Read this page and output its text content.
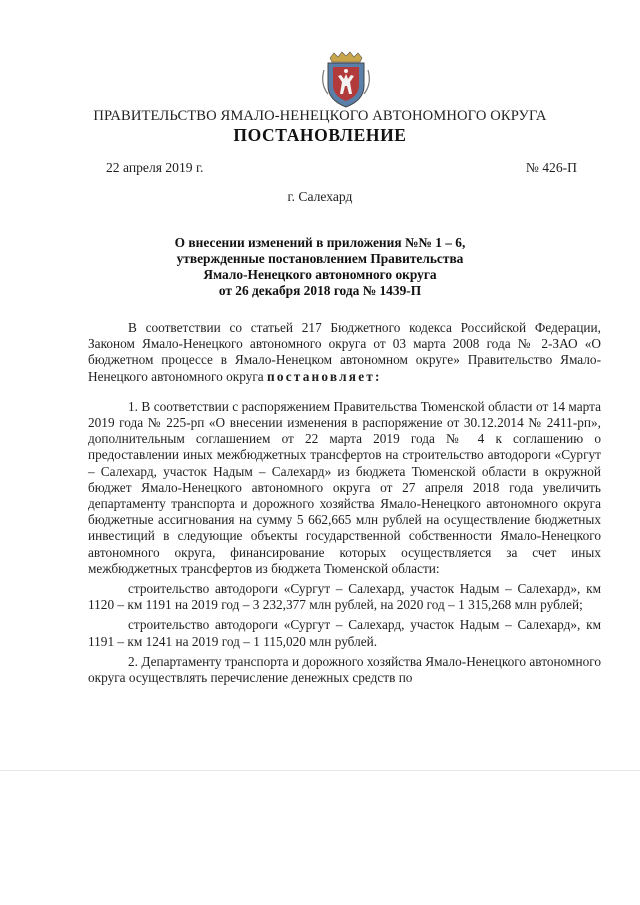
ПРАВИТЕЛЬСТВО ЯМАЛО-НЕНЕЦКОГО АВТОНОМНОГО ОКРУГА
ПОСТАНОВЛЕНИЕ
22 апреля 2019 г.	№ 426-П
г. Салехард
О внесении изменений в приложения №№ 1 – 6,
утвержденные постановлением Правительства
Ямало-Ненецкого автономного округа
от 26 декабря 2018 года № 1439-П

В соответствии со статьей 217 Бюджетного кодекса Российской Федерации, Законом Ямало-Ненецкого автономного округа от 03 марта 2008 года № 2-ЗАО «О бюджетном процессе в Ямало-Ненецком автономном округе» Правительство Ямало-Ненецкого автономного округа постановляет:

1. В соответствии с распоряжением Правительства Тюменской области от 14 марта 2019 года № 225-рп «О внесении изменения в распоряжение от 30.12.2014 № 2411-рп», дополнительным соглашением от 22 марта 2019 года № 4 к соглашению о предоставлении иных межбюджетных трансфертов на строительство автодороги «Сургут – Салехард, участок Надым – Салехард» из бюджета Тюменской области в окружной бюджет Ямало-Ненецкого автономного округа от 27 апреля 2018 года увеличить департаменту транспорта и дорожного хозяйства Ямало-Ненецкого автономного округа бюджетные ассигнования на сумму 5 662,665 млн рублей на осуществление бюджетных инвестиций в следующие объекты государственной собственности Ямало-Ненецкого автономного округа, финансирование которых осуществляется за счет иных межбюджетных трансфертов из бюджета Тюменской области:

строительство автодороги «Сургут – Салехард, участок Надым – Салехард», км 1120 – км 1191 на 2019 год – 3 232,377 млн рублей, на 2020 год – 1 315,268 млн рублей;

строительство автодороги «Сургут – Салехард, участок Надым – Салехард», км 1191 – км 1241 на 2019 год – 1 115,020 млн рублей.

2. Департаменту транспорта и дорожного хозяйства Ямало-Ненецкого автономного округа осуществлять перечисление денежных средств по
